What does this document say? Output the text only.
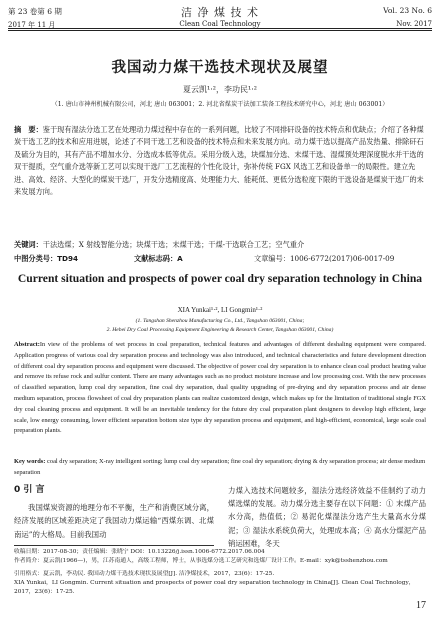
第 23 卷第 6 期
2017 年 11 月
洁 净 煤 技 术
Clean Coal Technology
Vol. 23 No. 6
Nov. 2017
我国动力煤干选技术现状及展望
夏云凯¹·²，李功民¹·²
（1. 唐山市神州机械有限公司，河北 唐山 063001；2. 河北省煤炭干法加工装备工程技术研究中心，河北 唐山 063001）
摘　要：鉴于现有湿法分选工艺在处理动力煤过程中存在的一系列问题，比较了不同排矸设备的技术特点和优缺点；介绍了各种煤炭干选工艺的技术和应用进展，论述了不同干选工艺和设备的技术特点和未来发展方向。动力煤干选以提高产品发热量、排除矸石及硫分为目的，其有产品不增加水分、分选成本低等优点。采用分级入选，块煤加分选、末煤干选、湿煤预处理深度脱水并干选的双干提质，空气重介选等新工艺可以实现干选厂工艺流程的个性化设计，弥补传统 FGX 风选工艺和设备单一的局限性。建立先进、高效、经济、大型化的煤炭干选厂，开发分选精度高、处理能力大、能耗低、更低分选粒度下限的干选设备是煤炭干选厂的未来发展方向。
关键词：干法选煤；X 射线智能分选；块煤干选；末煤干选；干煤-干选联合工艺；空气重介
中图分类号：TD94	文献标志码：A	文章编号：1006-6772(2017)06-0017-09
Current situation and prospects of power coal dry separation technology in China
XIA Yunkai¹·², LI Gongmin¹·²
(1. Tangshan Shenzhou Manufacturing Co., Ltd., Tangshan 063001, China;
2. Hebei Dry Coal Processing Equipment Engineering & Research Center, Tangshan 063001, China)
Abstract:In view of the problems of wet process in coal preparation, technical features and advantages of different deshaling equipment were compared. Application progress of various coal dry separation process and technology was also introduced, and technical characteristics and future development direction of different coal dry separation process and equipment were discussed. The objective of power coal dry separation is to enhance clean coal product heating value and remove its refuse rock and sulfur content. There are many advantages such as no product moisture increase and low processing cost. With the new processes of classified separation, lump coal dry separation, fine coal dry separation, dual quality upgrading of pre-drying and dry separation process and air dense medium separation, process flowsheet of coal dry preparation plants can realize customized design, which makes up for the limitation of traditional single FGX dry coal cleaning process and equipment. It will be an inevitable tendency for the future dry coal preparation plant designers to develop high efficient, large scale, low energy consuming, lower efficient separation bottom size type dry separation process and equipment, and high-efficient, economical, large scale coal preparation plants.
Key words: coal dry separation; X-ray intelligent sorting; lump coal dry separation; fine coal dry separation; drying & dry separation process; air dense medium separation
0 引 言
我国煤炭资源的地理分布不平衡，生产和消费区域分离，经济发展的区域差距决定了我国动力煤运输“西煤东调、北煤南运”的大格局。目前我国动
力煤入选技术问题较多，湿法分选经济效益不佳制约了动力煤选煤的发展。动力煤分选主要存在以下问题：① 末煤产品水分高，热值低；② 易泥化煤湿法分选产生大量高水分煤泥；③ 湿法水系统负荷大，处理成本高；④ 高水分煤泥产品销运困难，冬天
收稿日期：2017-08-30；责任编辑：张晓宁 DOI：10.13226/j.issn.1006-6772.2017.06.004
作者简介：夏云凯(1966—)，男，江苏南通人，高级工程师，博士，从事选煤分选工艺研究和选煤厂设计工作。E-mail：xyk@tsshenzhou.com
引用格式：夏云凯，李功民. 我国动力煤干选技术现状及展望[J]. 洁净煤技术，2017，23(6)：17-25.
XIA Yunkai，LI Gongmin. Current situation and prospects of power coal dry separation technology in China[J]. Clean Coal Technology，2017，23(6)：17-25.
17
